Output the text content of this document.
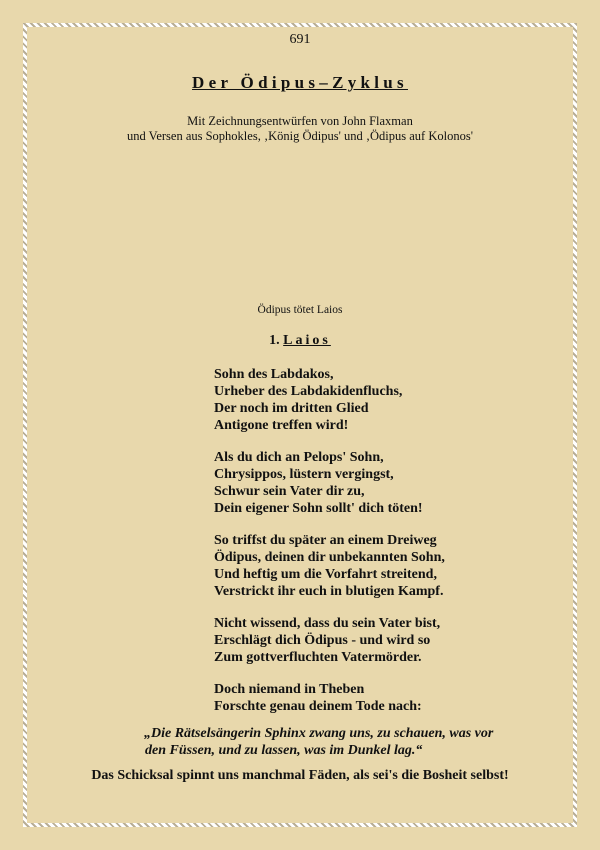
691
Der Ödipus–Zyklus
Mit Zeichnungsentwürfen von John Flaxman
und Versen aus Sophokles, ‚König Ödipus' und ‚Ödipus auf Kolonos'
Ödipus tötet Laios
1. Laios
Sohn des Labdakos,
Urheber des Labdakidenfluchs,
Der noch im dritten Glied
Antigone treffen wird!
Als du dich an Pelops' Sohn,
Chrysippos, lüstern vergingst,
Schwur sein Vater dir zu,
Dein eigener Sohn sollt' dich töten!
So triffst du später an einem Dreiweg
Ödipus, deinen dir unbekannten Sohn,
Und heftig um die Vorfahrt streitend,
Verstrickt ihr euch in blutigen Kampf.
Nicht wissend, dass du sein Vater bist,
Erschlägt dich Ödipus - und wird so
Zum gottverfluchten Vatermörder.
Doch niemand in Theben
Forschte genau deinem Tode nach:
„Die Rätselsängerin Sphinx zwang uns, zu schauen, was vor
den Füssen, und zu lassen, was im Dunkel lag.“
Das Schicksal spinnt uns manchmal Fäden, als sei's die Bosheit selbst!
